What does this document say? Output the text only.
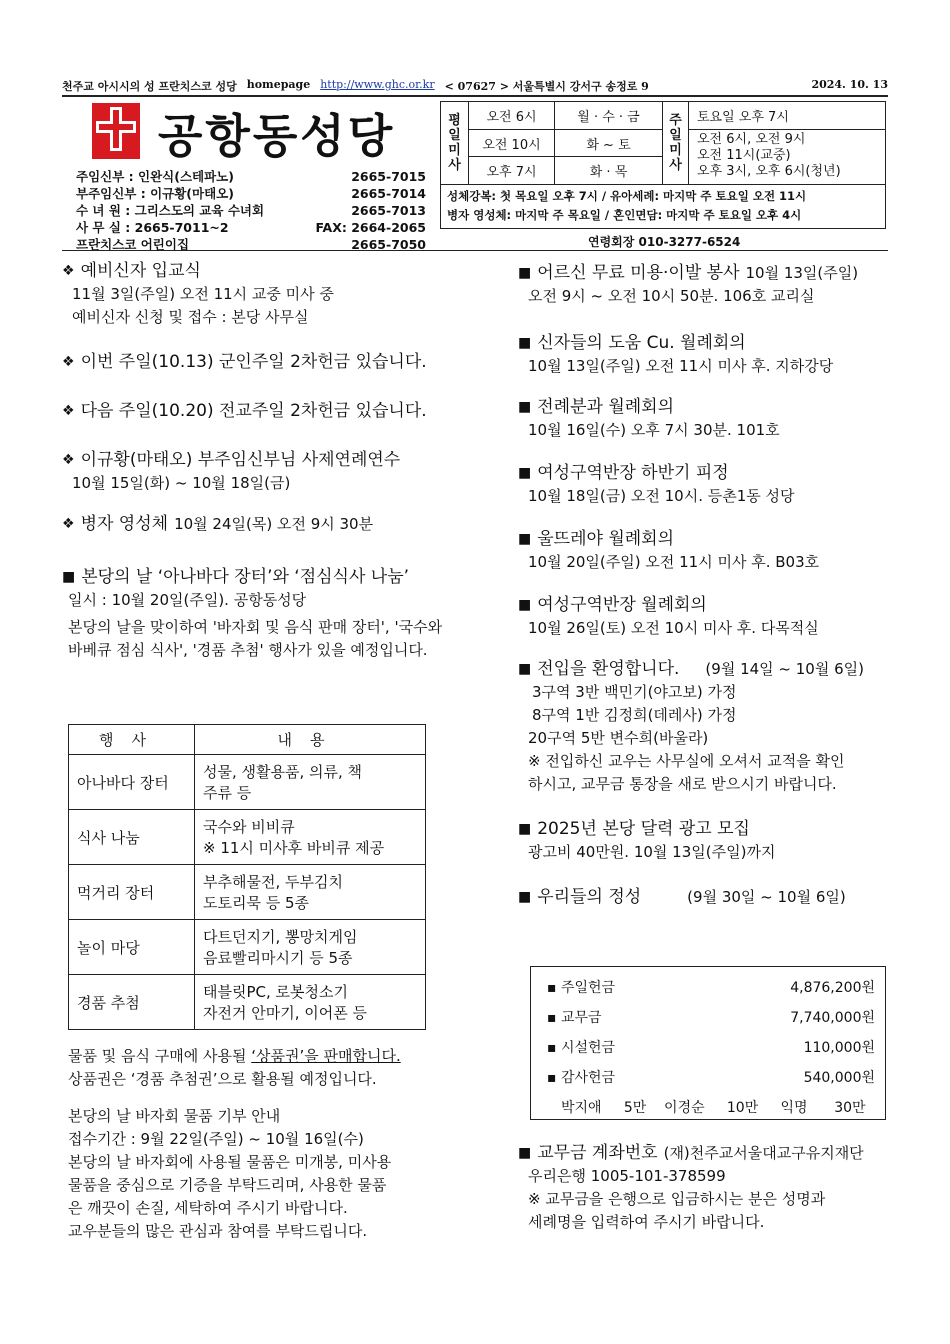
천주교 아시시의 성 프란치스코 성당 homepage http://www.ghc.or.kr < 07627 > 서울특별시 강서구 송정로 9	2024. 10. 13
공항동성당
주임신부 : 인완식(스테파노)	2665-7015
부주임신부 : 이규황(마태오)	2665-7014
수 녀 원 : 그리스도의 교육 수녀회	2665-7013
사 무 실 : 2665-7011~2	FAX: 2664-2065
프란치스코 어린이집	2665-7050
평
일
미
사
오전 6시	월 · 수 · 금
오전 10시	화 ~ 토
오후 7시	화 · 목
주
일
미
사
토요일 오후 7시
오전 6시, 오전 9시
오전 11시(교중)
오후 3시, 오후 6시(청년)
성체강복: 첫 목요일 오후 7시 / 유아세례: 마지막 주 토요일 오전 11시
병자 영성체: 마지막 주 목요일 / 혼인면담: 마지막 주 토요일 오후 4시
연령회장 010-3277-6524
❖ 예비신자 입교식
11월 3일(주일) 오전 11시 교중 미사 중
예비신자 신청 및 접수 : 본당 사무실
❖ 이번 주일(10.13) 군인주일 2차헌금 있습니다.
❖ 다음 주일(10.20) 전교주일 2차헌금 있습니다.
❖ 이규황(마태오) 부주임신부님 사제연례연수
10월 15일(화) ~ 10월 18일(금)
❖ 병자 영성체 10월 24일(목) 오전 9시 30분
■ 본당의 날 ‘아나바다 장터’와 ‘점심식사 나눔’
일시 : 10월 20일(주일). 공항동성당
본당의 날을 맞이하여 '바자회 및 음식 판매 장터', '국수와 바베큐 점심 식사', '경품 추첨' 행사가 있을 예정입니다.
행사	내용
아나바다 장터	성물, 생활용품, 의류, 책
주류 등

식사 나눔	국수와 비비큐
※ 11시 미사후 바비큐 제공

먹거리 장터	부추해물전, 두부김치
도토리묵 등 5종

놀이 마당	다트던지기, 뽕망치게임
음료빨리마시기 등 5종

경품 추첨	태블릿PC, 로봇청소기
자전거 안마기, 이어폰 등
물품 및 음식 구매에 사용될 ‘상품권’을 판매합니다.
상품권은 ‘경품 추첨권’으로 활용될 예정입니다.
본당의 날 바자회 물품 기부 안내
접수기간 : 9월 22일(주일) ~ 10월 16일(수)
본당의 날 바자회에 사용될 물품은 미개봉, 미사용
물품을 중심으로 기증을 부탁드리며, 사용한 물품
은 깨끗이 손질, 세탁하여 주시기 바랍니다.
교우분들의 많은 관심과 참여를 부탁드립니다.
■ 어르신 무료 미용·이발 봉사 10월 13일(주일)
오전 9시 ~ 오전 10시 50분. 106호 교리실
■ 신자들의 도움 Cu. 월례회의
10월 13일(주일) 오전 11시 미사 후. 지하강당
■ 전례분과 월례회의
10월 16일(수) 오후 7시 30분. 101호
■ 여성구역반장 하반기 피정
10월 18일(금) 오전 10시. 등촌1동 성당
■ 울뜨레야 월례회의
10월 20일(주일) 오전 11시 미사 후. B03호
■ 여성구역반장 월례회의
10월 26일(토) 오전 10시 미사 후. 다목적실
■ 전입을 환영합니다. (9월 14일 ~ 10월 6일)
3구역 3반 백민기(야고보) 가정
8구역 1반 김정희(데레사) 가정
20구역 5반 변수희(바울라)
※ 전입하신 교우는 사무실에 오셔서 교적을 확인
하시고, 교무금 통장을 새로 받으시기 바랍니다.
■ 2025년 본당 달력 광고 모집
광고비 40만원. 10월 13일(주일)까지
■ 우리들의 정성	(9월 30일 ~ 10월 6일)
▪ 주일헌금	4,876,200원
▪ 교무금	7,740,000원
▪ 시설헌금	110,000원
▪ 감사헌금	540,000원
박지애     5만    이경순     10만     익명      30만
■ 교무금 계좌번호 (재)천주교서울대교구유지재단
우리은행 1005-101-378599
※ 교무금을 은행으로 입금하시는 분은 성명과
세례명을 입력하여 주시기 바랍니다.
